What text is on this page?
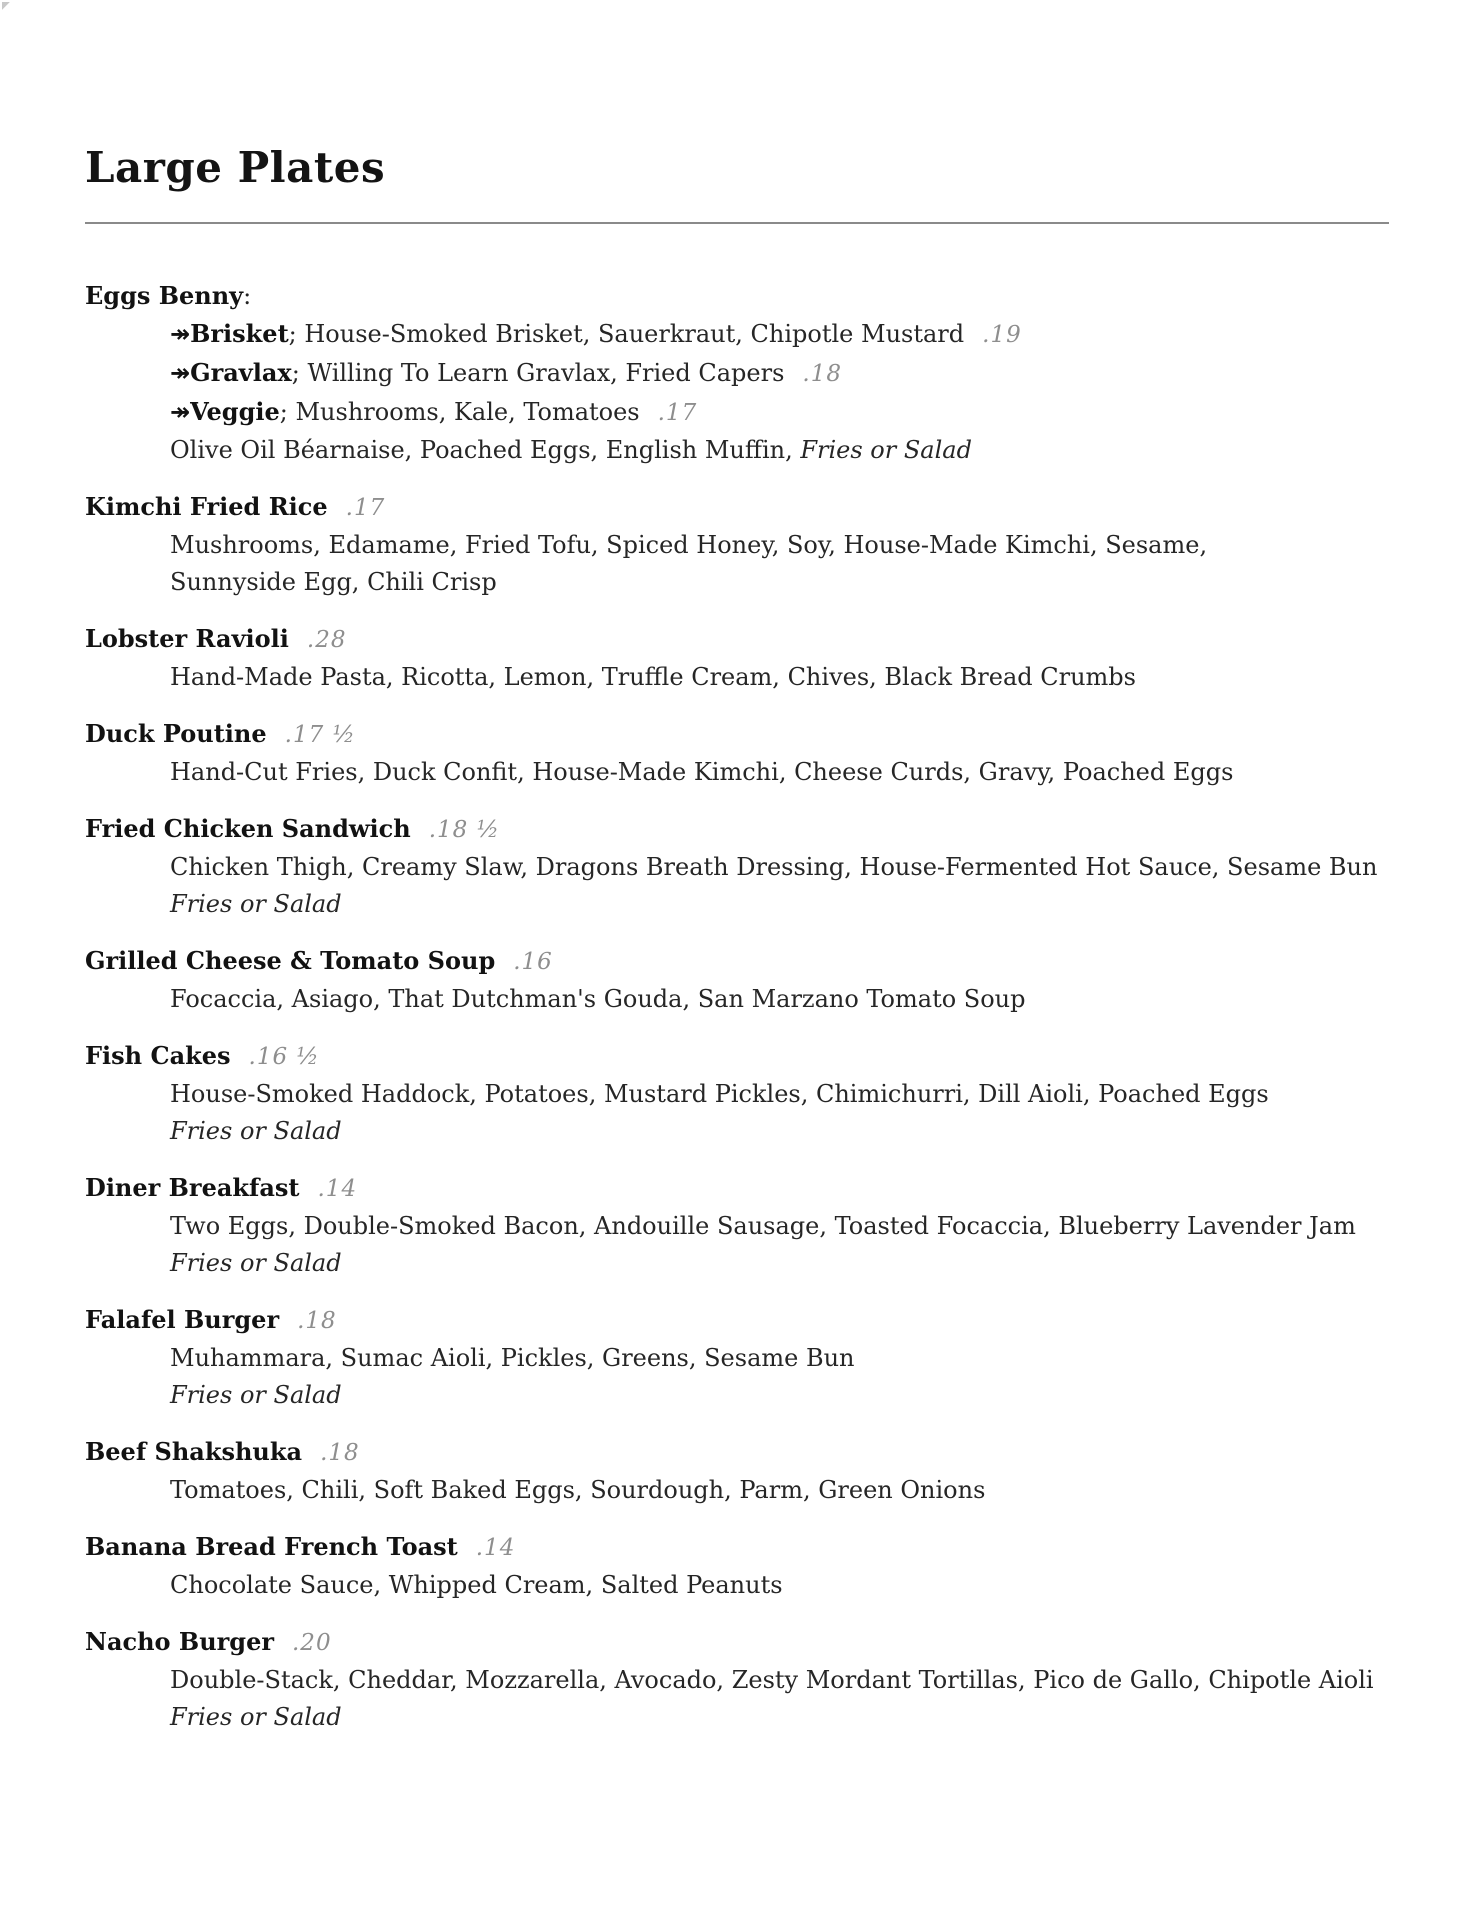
Large Plates
Eggs Benny:
↠Brisket; House-Smoked Brisket, Sauerkraut, Chipotle Mustard .19
↠Gravlax; Willing To Learn Gravlax, Fried Capers .18
↠Veggie; Mushrooms, Kale, Tomatoes .17
Olive Oil Béarnaise, Poached Eggs, English Muffin, Fries or Salad
Kimchi Fried Rice .17
Mushrooms, Edamame, Fried Tofu, Spiced Honey, Soy, House-Made Kimchi, Sesame,
Sunnyside Egg, Chili Crisp
Lobster Ravioli .28
Hand-Made Pasta, Ricotta, Lemon, Truffle Cream, Chives, Black Bread Crumbs
Duck Poutine .17 ½
Hand-Cut Fries, Duck Confit, House-Made Kimchi, Cheese Curds, Gravy, Poached Eggs
Fried Chicken Sandwich .18 ½
Chicken Thigh, Creamy Slaw, Dragons Breath Dressing, House-Fermented Hot Sauce, Sesame Bun
Fries or Salad
Grilled Cheese & Tomato Soup .16
Focaccia, Asiago, That Dutchman's Gouda, San Marzano Tomato Soup
Fish Cakes .16 ½
House-Smoked Haddock, Potatoes, Mustard Pickles, Chimichurri, Dill Aioli, Poached Eggs
Fries or Salad
Diner Breakfast .14
Two Eggs, Double-Smoked Bacon, Andouille Sausage, Toasted Focaccia, Blueberry Lavender Jam
Fries or Salad
Falafel Burger .18
Muhammara, Sumac Aioli, Pickles, Greens, Sesame Bun
Fries or Salad
Beef Shakshuka .18
Tomatoes, Chili, Soft Baked Eggs, Sourdough, Parm, Green Onions
Banana Bread French Toast .14
Chocolate Sauce, Whipped Cream, Salted Peanuts
Nacho Burger .20
Double-Stack, Cheddar, Mozzarella, Avocado, Zesty Mordant Tortillas, Pico de Gallo, Chipotle Aioli
Fries or Salad
